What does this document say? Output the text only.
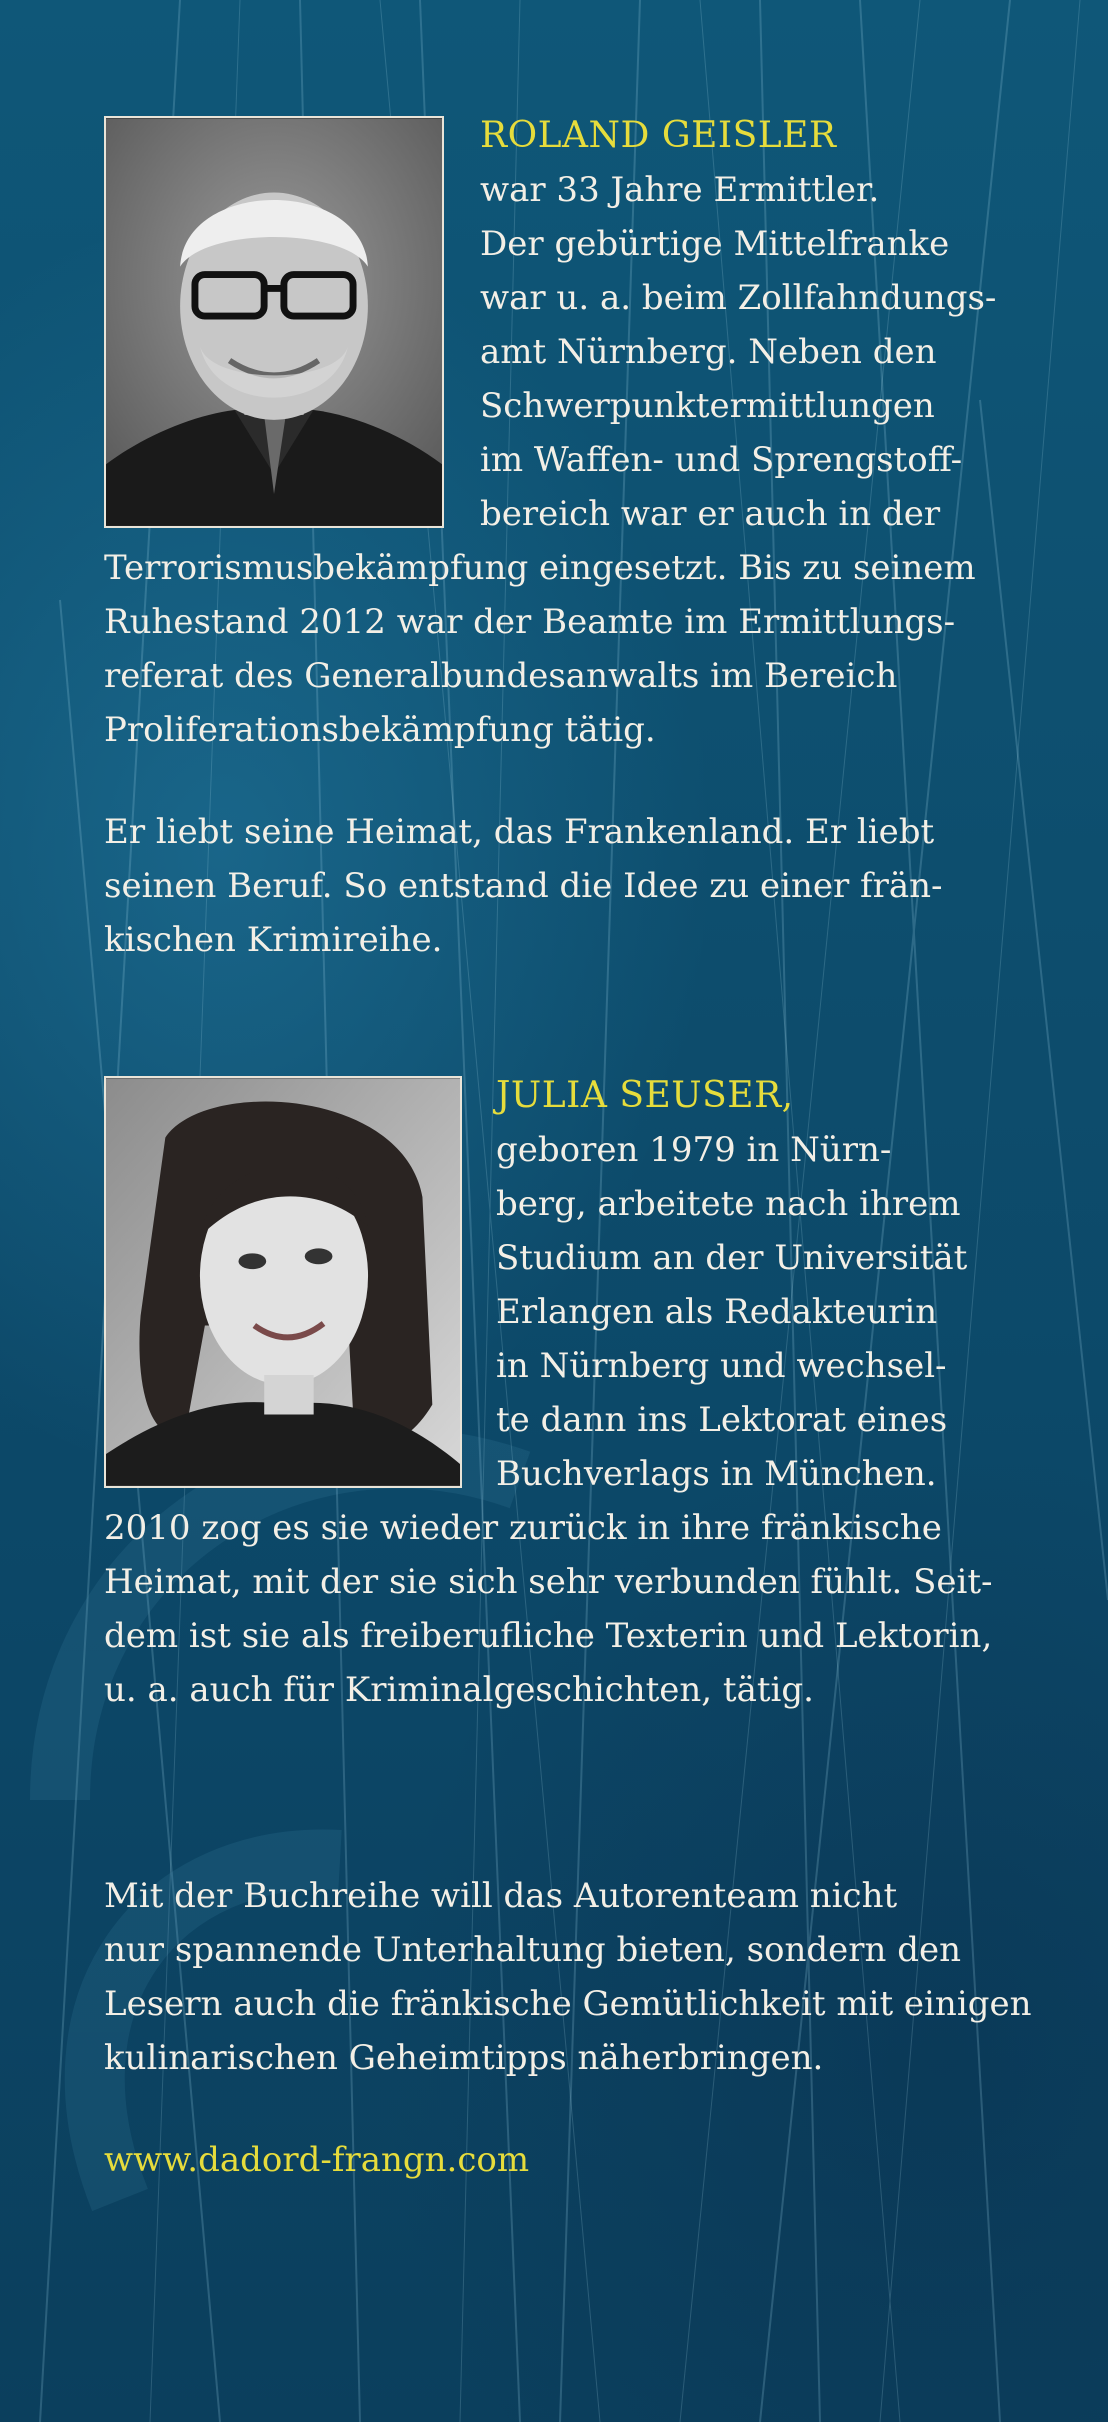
ROLAND GEISLER
war 33 Jahre Ermittler.
Der gebürtige Mittelfranke
war u. a. beim Zollfahndungs-
amt Nürnberg. Neben den
Schwerpunktermittlungen
im Waffen- und Sprengstoff-
bereich war er auch in der
Terrorismusbekämpfung eingesetzt. Bis zu seinem
Ruhestand 2012 war der Beamte im Ermittlungs-
referat des Generalbundesanwalts im Bereich
Proliferationsbekämpfung tätig.
Er liebt seine Heimat, das Frankenland. Er liebt
seinen Beruf. So entstand die Idee zu einer frän-
kischen Krimireihe.
JULIA SEUSER,
geboren 1979 in Nürn-
berg, arbeitete nach ihrem
Studium an der Universität
Erlangen als Redakteurin
in Nürnberg und wechsel-
te dann ins Lektorat eines
Buchverlags in München.
2010 zog es sie wieder zurück in ihre fränkische
Heimat, mit der sie sich sehr verbunden fühlt. Seit-
dem ist sie als freiberufliche Texterin und Lektorin,
u. a. auch für Kriminalgeschichten, tätig.
Mit der Buchreihe will das Autorenteam nicht
nur spannende Unterhaltung bieten, sondern den
Lesern auch die fränkische Gemütlichkeit mit einigen
kulinarischen Geheimtipps näherbringen.
www.dadord-frangn.com
